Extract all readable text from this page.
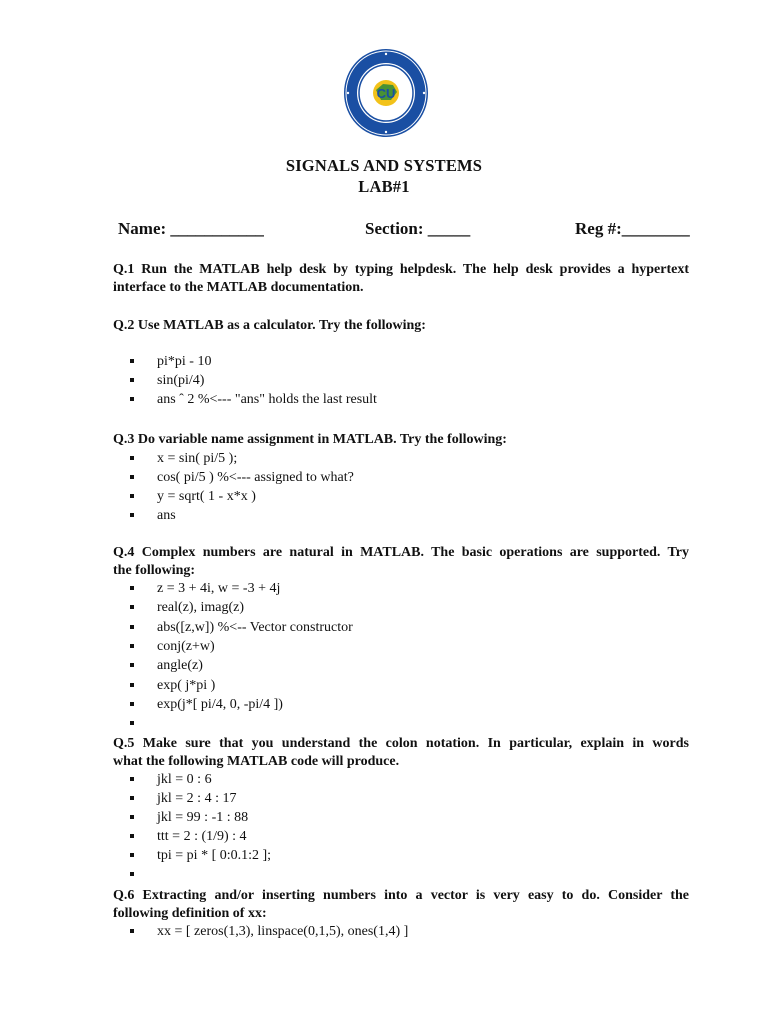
CU
SIGNALS AND SYSTEMS
LAB#1
Name: ___________	Section: _____	Reg #:________
Q.1 Run the MATLAB help desk by typing helpdesk. The help desk provides a hypertext
interface to the MATLAB documentation.
Q.2 Use MATLAB as a calculator. Try the following:
pi*pi - 10
sin(pi/4)
ans ˆ 2 %<--- "ans" holds the last result
Q.3 Do variable name assignment in MATLAB. Try the following:
x = sin( pi/5 );
cos( pi/5 ) %<--- assigned to what?
y = sqrt( 1 - x*x )
ans
Q.4 Complex numbers are natural in MATLAB. The basic operations are supported. Try
the following:
z = 3 + 4i, w = -3 + 4j
real(z), imag(z)
abs([z,w]) %<-- Vector constructor
conj(z+w)
angle(z)
exp( j*pi )
exp(j*[ pi/4, 0, -pi/4 ])
Q.5 Make sure that you understand the colon notation. In particular, explain in words
what the following MATLAB code will produce.
jkl = 0 : 6
jkl = 2 : 4 : 17
jkl = 99 : -1 : 88
ttt = 2 : (1/9) : 4
tpi = pi * [ 0:0.1:2 ];
Q.6 Extracting and/or inserting numbers into a vector is very easy to do. Consider the
following definition of xx:
xx = [ zeros(1,3), linspace(0,1,5), ones(1,4) ]
